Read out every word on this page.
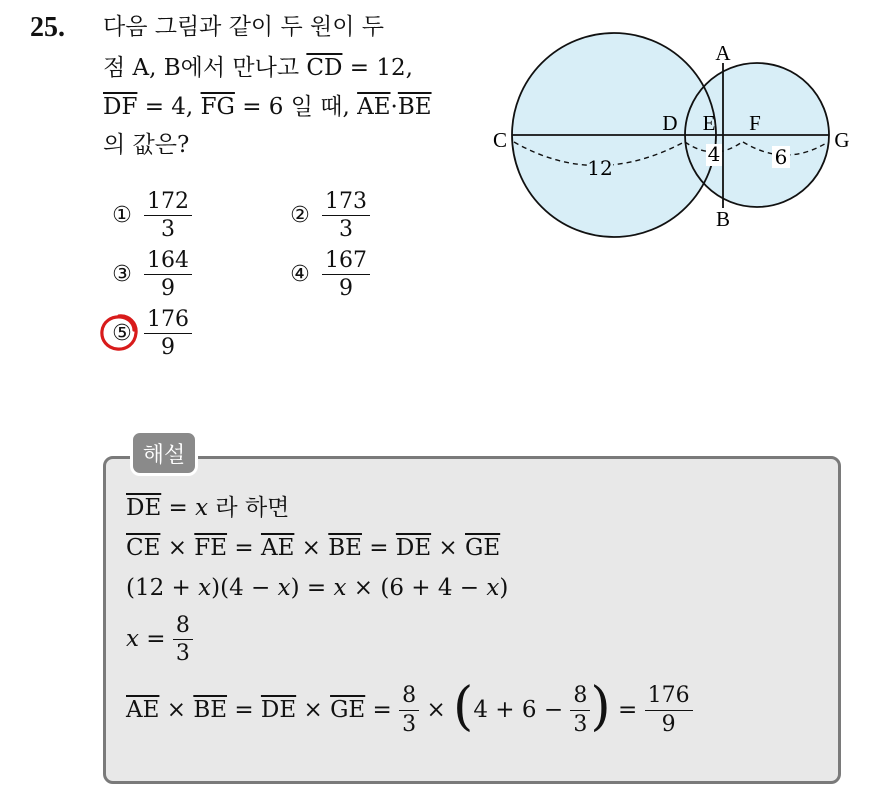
25. 다음 그림과 같이 두 원이 두
점 A, B에서 만나고 $\overline{CD} = 12$,
$\overline{DF} = 4$, $\overline{FG} = 6$ 일 때, $\overline{AE}\cdot\overline{BE}$
의 값은?
① $\frac{172}{3}$	② $\frac{173}{3}$
③ $\frac{164}{9}$	④ $\frac{167}{9}$
⑤ $\frac{176}{9}$
12
4	6
A
B
C
D E F
G
해설
$\overline{DE} = x$ 라 하면
$\overline{CE} \times \overline{FE} = \overline{AE} \times \overline{BE} = \overline{DE} \times \overline{GE}$
(12 + x )(4 − x ) = x × (6 + 4 − x )
$x = \frac{8}{3}$
$\overline{AE} \times \overline{BE} = \overline{DE} \times \overline{GE} = \frac{8}{3}$ × ( $4 + 6 - \frac{8}{3}$ ) = $\frac{176}{9}$
